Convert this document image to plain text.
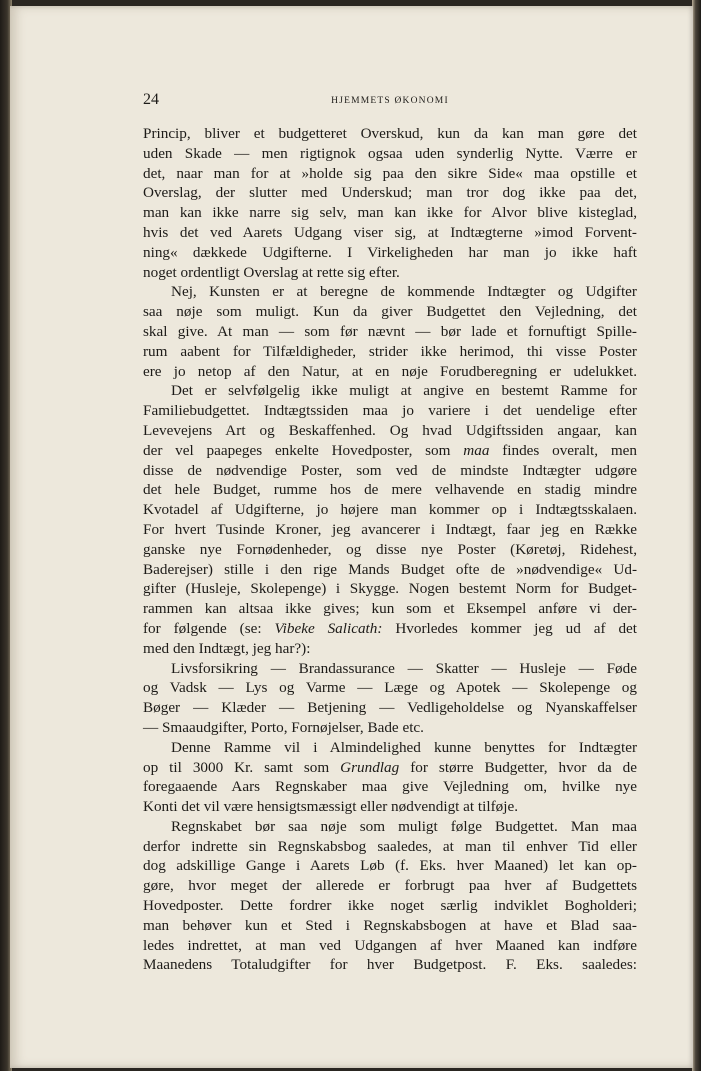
24	HJEMMETS ØKONOMI
Princip, bliver et budgetteret Overskud, kun da kan man gøre det
uden Skade — men rigtignok ogsaa uden synderlig Nytte. Værre er
det, naar man for at »holde sig paa den sikre Side« maa opstille et
Overslag, der slutter med Underskud; man tror dog ikke paa det,
man kan ikke narre sig selv, man kan ikke for Alvor blive kisteglad,
hvis det ved Aarets Udgang viser sig, at Indtægterne »imod Forvent-
ning« dækkede Udgifterne. I Virkeligheden har man jo ikke haft
noget ordentligt Overslag at rette sig efter.
Nej, Kunsten er at beregne de kommende Indtægter og Udgifter
saa nøje som muligt. Kun da giver Budgettet den Vejledning, det
skal give. At man — som før nævnt — bør lade et fornuftigt Spille-
rum aabent for Tilfældigheder, strider ikke herimod, thi visse Poster
ere jo netop af den Natur, at en nøje Forudberegning er udelukket.
Det er selvfølgelig ikke muligt at angive en bestemt Ramme for
Familiebudgettet. Indtægtssiden maa jo variere i det uendelige efter
Levevejens Art og Beskaffenhed. Og hvad Udgiftssiden angaar, kan
der vel paapeges enkelte Hovedposter, som maa findes overalt, men
disse de nødvendige Poster, som ved de mindste Indtægter udgøre
det hele Budget, rumme hos de mere velhavende en stadig mindre
Kvotadel af Udgifterne, jo højere man kommer op i Indtægtsskalaen.
For hvert Tusinde Kroner, jeg avancerer i Indtægt, faar jeg en Række
ganske nye Fornødenheder, og disse nye Poster (Køretøj, Ridehest,
Baderejser) stille i den rige Mands Budget ofte de »nødvendige« Ud-
gifter (Husleje, Skolepenge) i Skygge. Nogen bestemt Norm for Budget-
rammen kan altsaa ikke gives; kun som et Eksempel anføre vi der-
for følgende (se: Vibeke Salicath: Hvorledes kommer jeg ud af det
med den Indtægt, jeg har?):
Livsforsikring — Brandassurance — Skatter — Husleje — Føde
og Vadsk — Lys og Varme — Læge og Apotek — Skolepenge og
Bøger — Klæder — Betjening — Vedligeholdelse og Nyanskaffelser
— Smaaudgifter, Porto, Fornøjelser, Bade etc.
Denne Ramme vil i Almindelighed kunne benyttes for Indtægter
op til 3000 Kr. samt som Grundlag for større Budgetter, hvor da de
foregaaende Aars Regnskaber maa give Vejledning om, hvilke nye
Konti det vil være hensigtsmæssigt eller nødvendigt at tilføje.
Regnskabet bør saa nøje som muligt følge Budgettet. Man maa
derfor indrette sin Regnskabsbog saaledes, at man til enhver Tid eller
dog adskillige Gange i Aarets Løb (f. Eks. hver Maaned) let kan op-
gøre, hvor meget der allerede er forbrugt paa hver af Budgettets
Hovedposter. Dette fordrer ikke noget særlig indviklet Bogholderi;
man behøver kun et Sted i Regnskabsbogen at have et Blad saa-
ledes indrettet, at man ved Udgangen af hver Maaned kan indføre
Maanedens Totaludgifter for hver Budgetpost. F. Eks. saaledes:
